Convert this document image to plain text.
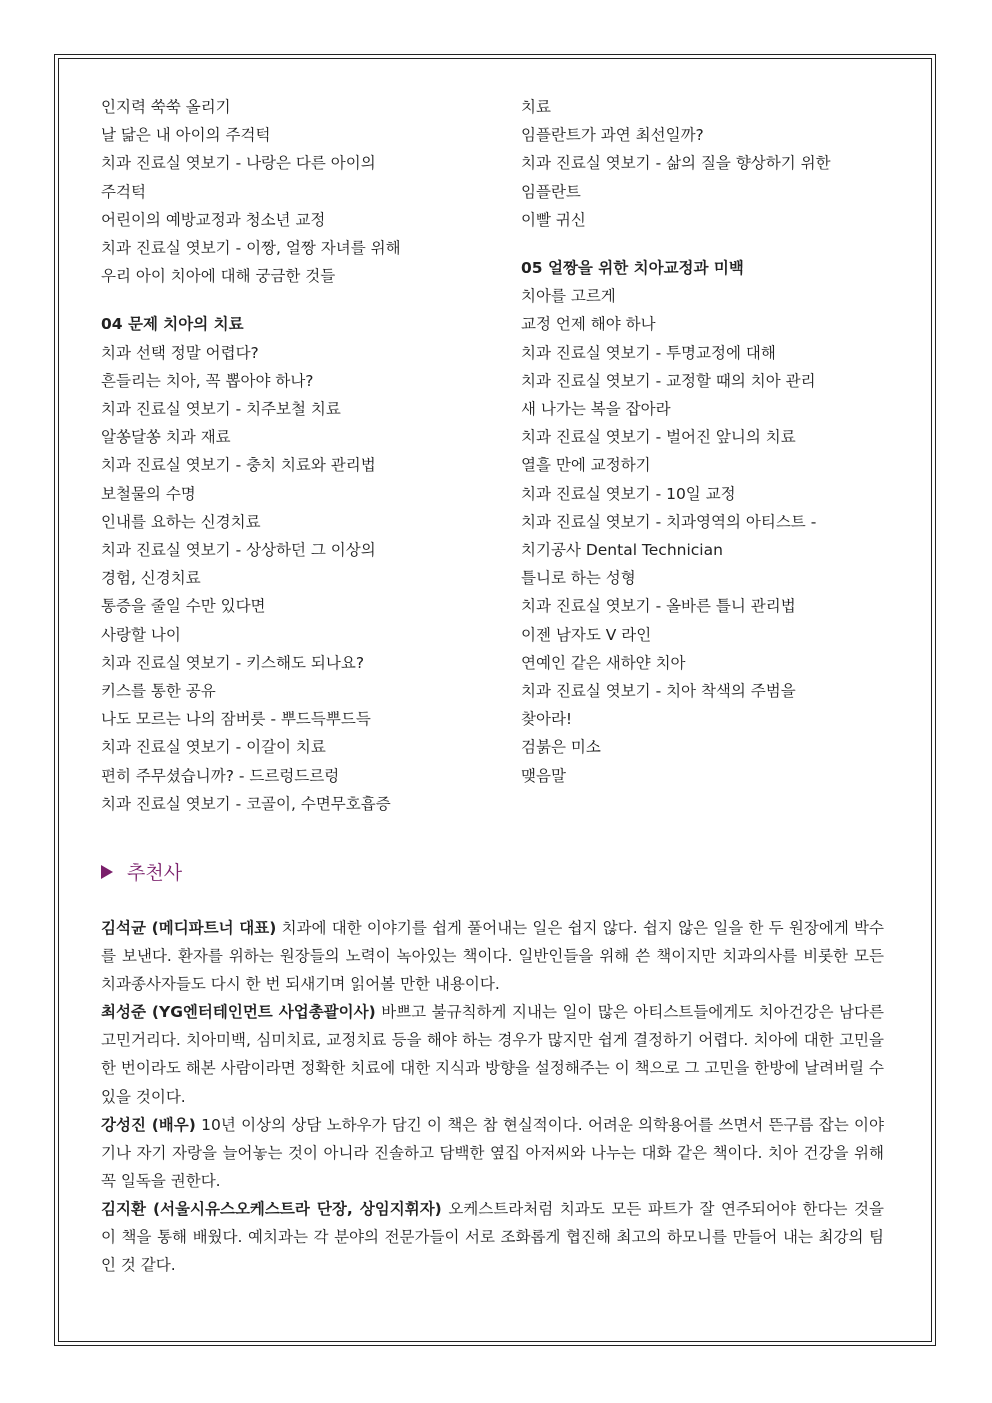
인지력 쑥쑥 올리기
날 닮은 내 아이의 주걱턱
치과 진료실 엿보기 - 나랑은 다른 아이의
주걱턱
어린이의 예방교정과 청소년 교정
치과 진료실 엿보기 - 이짱, 얼짱 자녀를 위해
우리 아이 치아에 대해 궁금한 것들
04 문제 치아의 치료
치과 선택 정말 어렵다?
흔들리는 치아, 꼭 뽑아야 하나?
치과 진료실 엿보기 - 치주보철 치료
알쏭달쏭 치과 재료
치과 진료실 엿보기 - 충치 치료와 관리법
보철물의 수명
인내를 요하는 신경치료
치과 진료실 엿보기 - 상상하던 그 이상의
경험, 신경치료
통증을 줄일 수만 있다면
사랑할 나이
치과 진료실 엿보기 - 키스해도 되나요?
키스를 통한 공유
나도 모르는 나의 잠버릇 - 뿌드득뿌드득
치과 진료실 엿보기 - 이갈이 치료
편히 주무셨습니까? - 드르렁드르렁
치과 진료실 엿보기 - 코골이, 수면무호흡증
치료
임플란트가 과연 최선일까?
치과 진료실 엿보기 - 삶의 질을 향상하기 위한
임플란트
이빨 귀신
05 얼짱을 위한 치아교정과 미백
치아를 고르게
교정 언제 해야 하나
치과 진료실 엿보기 - 투명교정에 대해
치과 진료실 엿보기 - 교정할 때의 치아 관리
새 나가는 복을 잡아라
치과 진료실 엿보기 - 벌어진 앞니의 치료
열흘 만에 교정하기
치과 진료실 엿보기 - 10일 교정
치과 진료실 엿보기 - 치과영역의 아티스트 -
치기공사 Dental Technician
틀니로 하는 성형
치과 진료실 엿보기 - 올바른 틀니 관리법
이젠 남자도 V 라인
연예인 같은 새하얀 치아
치과 진료실 엿보기 - 치아 착색의 주범을
찾아라!
검붉은 미소
맺음말
추천사

김석균 (메디파트너 대표) 치과에 대한 이야기를 쉽게 풀어내는 일은 쉽지 않다. 쉽지 않은 일을 한 두 원장에게 박수를 보낸다. 환자를 위하는 원장들의 노력이 녹아있는 책이다. 일반인들을 위해 쓴 책이지만 치과의사를 비롯한 모든 치과종사자들도 다시 한 번 되새기며 읽어볼 만한 내용이다.

최성준 (YG엔터테인먼트 사업총괄이사) 바쁘고 불규칙하게 지내는 일이 많은 아티스트들에게도 치아건강은 남다른 고민거리다. 치아미백, 심미치료, 교정치료 등을 해야 하는 경우가 많지만 쉽게 결정하기 어렵다. 치아에 대한 고민을 한 번이라도 해본 사람이라면 정확한 치료에 대한 지식과 방향을 설정해주는 이 책으로 그 고민을 한방에 날려버릴 수 있을 것이다.

강성진 (배우) 10년 이상의 상담 노하우가 담긴 이 책은 참 현실적이다. 어려운 의학용어를 쓰면서 뜬구름 잡는 이야기나 자기 자랑을 늘어놓는 것이 아니라 진솔하고 담백한 옆집 아저씨와 나누는 대화 같은 책이다. 치아 건강을 위해 꼭 일독을 권한다.

김지환 (서울시유스오케스트라 단장, 상임지휘자) 오케스트라처럼 치과도 모든 파트가 잘 연주되어야 한다는 것을 이 책을 통해 배웠다. 예치과는 각 분야의 전문가들이 서로 조화롭게 협진해 최고의 하모니를 만들어 내는 최강의 팀인 것 같다.
